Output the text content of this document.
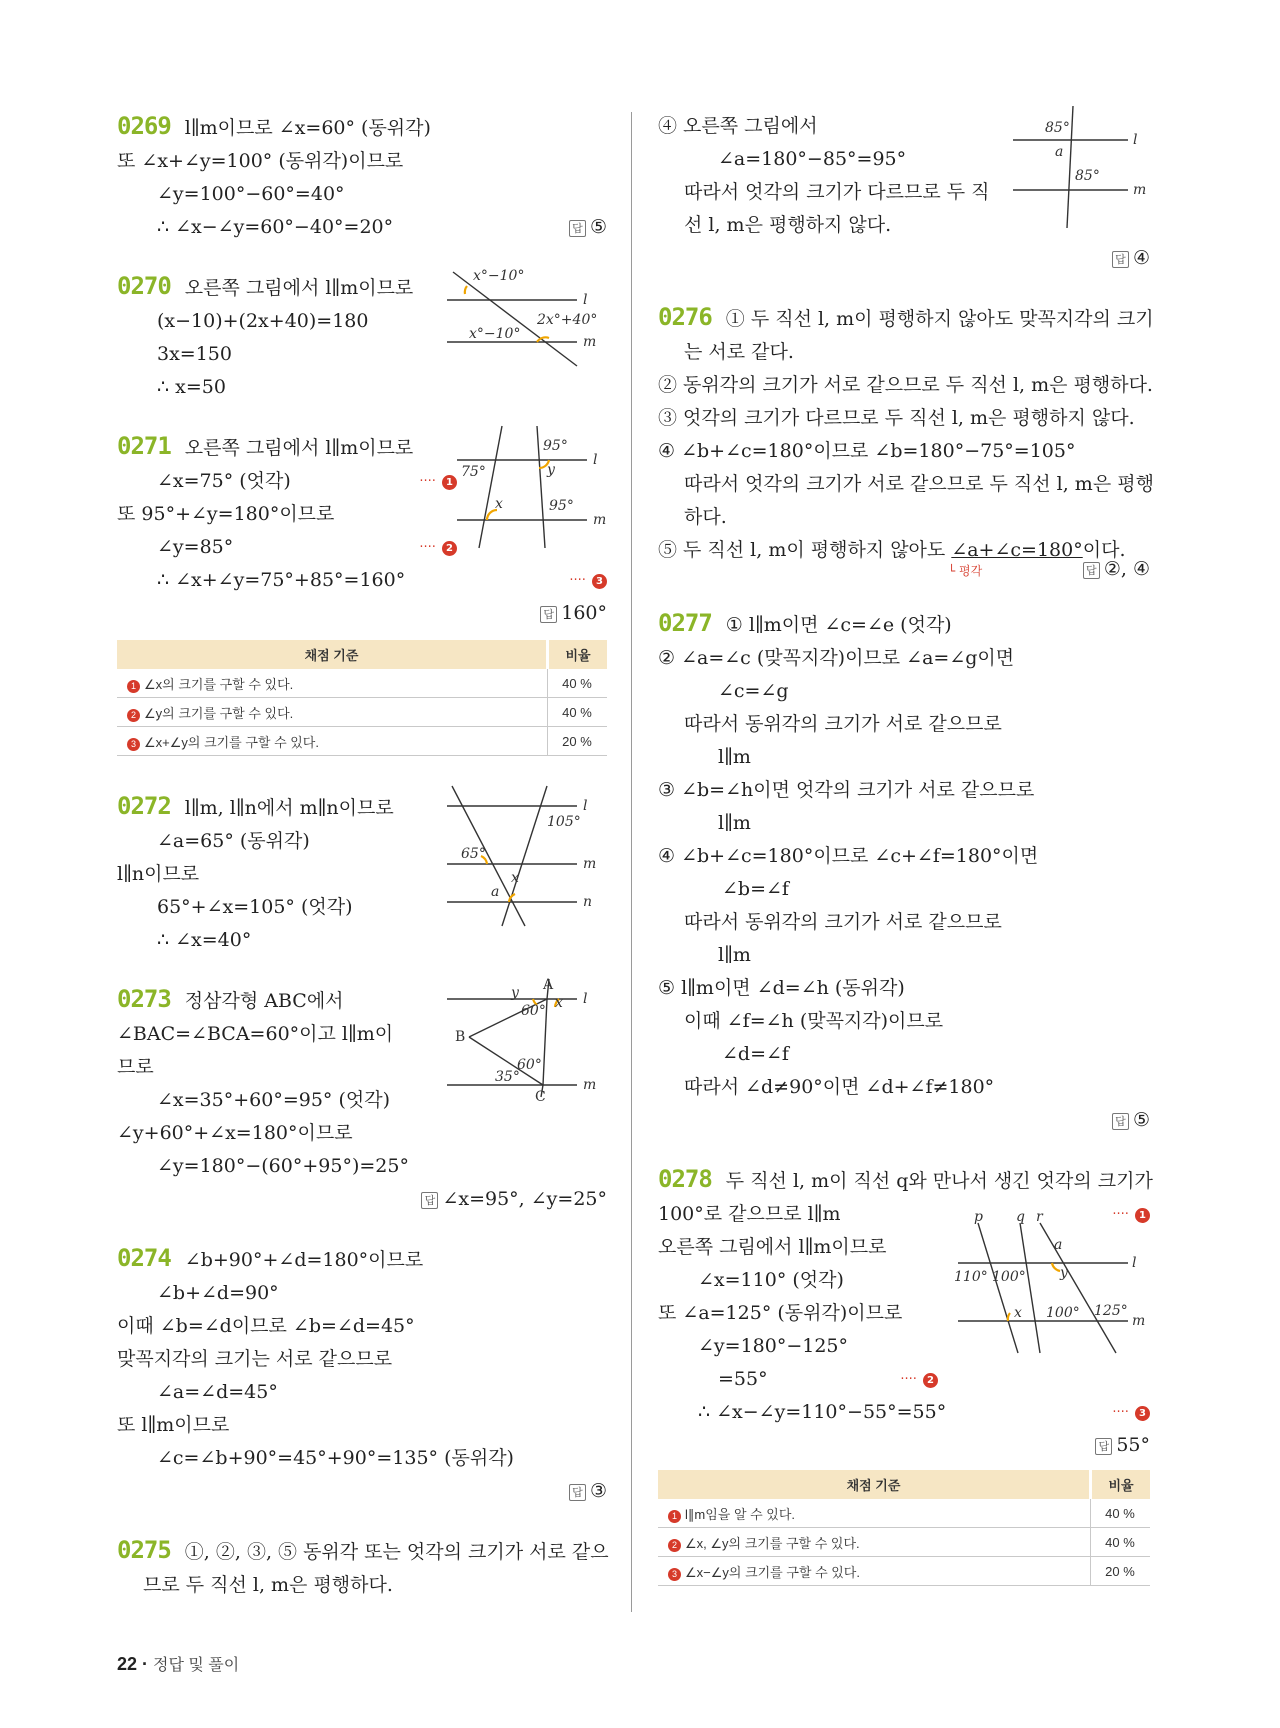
0269 l∥m이므로 ∠x=60° (동위각)
또 ∠x+∠y=100° (동위각)이므로
∠y=100°−60°=40°
∴ ∠x−∠y=60°−40°=20°	답 ⑤
0270 오른쪽 그림에서 l∥m이므로
(x−10)+(2x+40)=180
3x=150
∴ x=50
x°−10°
x°−10°
2x°+40°
l
m
0271 오른쪽 그림에서 l∥m이므로
∠x=75° (엇각)	···· 1
또 95°+∠y=180°이므로
∠y=85°	···· 2
∴ ∠x+∠y=75°+85°=160°	···· 3
답 160°
75°
95°
95°
x
y
l
m
채점 기준	비율
1 ∠x의 크기를 구할 수 있다.	40 %
2 ∠y의 크기를 구할 수 있다.	40 %
3 ∠x+∠y의 크기를 구할 수 있다.	20 %
0272 l∥m, l∥n에서 m∥n이므로
∠a=65° (동위각)
l∥n이므로
65°+∠x=105° (엇각)
∴ ∠x=40°
105°
65°
x
a
l
m
n
0273 정삼각형 ABC에서
∠BAC=∠BCA=60°이고 l∥m이
므로
∠x=35°+60°=95° (엇각)
∠y+60°+∠x=180°이므로
∠y=180°−(60°+95°)=25°
답 ∠x=95°, ∠y=25°
A
B
C
60°
60°
35°
x
y	l
m
0274 ∠b+90°+∠d=180°이므로
∠b+∠d=90°
이때 ∠b=∠d이므로 ∠b=∠d=45°
맞꼭지각의 크기는 서로 같으므로
∠a=∠d=45°
또 l∥m이므로
∠c=∠b+90°=45°+90°=135° (동위각)
답 ③
0275 ①, ②, ③, ⑤ 동위각 또는 엇각의 크기가 서로 같으
므로 두 직선 l, m은 평행하다.
④ 오른쪽 그림에서
∠a=180°−85°=95°
따라서 엇각의 크기가 다르므로 두 직
선 l, m은 평행하지 않다.
답 ④
85°
85°
a
l
m
0276 ① 두 직선 l, m이 평행하지 않아도 맞꼭지각의 크기
는 서로 같다.
② 동위각의 크기가 서로 같으므로 두 직선 l, m은 평행하다.
③ 엇각의 크기가 다르므로 두 직선 l, m은 평행하지 않다.
④ ∠b+∠c=180°이므로 ∠b=180°−75°=105°
따라서 엇각의 크기가 서로 같으므로 두 직선 l, m은 평행
하다.
⑤ 두 직선 l, m이 평행하지 않아도 ∠a+∠c=180°이다.
└ 평각	답 ②, ④
0277 ① l∥m이면 ∠c=∠e (엇각)
② ∠a=∠c (맞꼭지각)이므로 ∠a=∠g이면
∠c=∠g
따라서 동위각의 크기가 서로 같으므로
l∥m
③ ∠b=∠h이면 엇각의 크기가 서로 같으므로
l∥m
④ ∠b+∠c=180°이므로 ∠c+∠f=180°이면
∠b=∠f
따라서 동위각의 크기가 서로 같으므로
l∥m
⑤ l∥m이면 ∠d=∠h (동위각)
이때 ∠f=∠h (맞꼭지각)이므로
∠d=∠f
따라서 ∠d≠90°이면 ∠d+∠f≠180°
답 ⑤
0278 두 직선 l, m이 직선 q와 만나서 생긴 엇각의 크기가
100°로 같으므로 l∥m	···· 1
오른쪽 그림에서 l∥m이므로
∠x=110° (엇각)
또 ∠a=125° (동위각)이므로
∠y=180°−125°
=55°	···· 2
∴ ∠x−∠y=110°−55°=55°	···· 3
답 55°
p q r
a
y
x
110° 100°
100° 125°
l
m
채점 기준	비율
1 l∥m임을 알 수 있다.	40 %
2 ∠x, ∠y의 크기를 구할 수 있다.	40 %
3 ∠x−∠y의 크기를 구할 수 있다.	20 %
22 · 정답 및 풀이
